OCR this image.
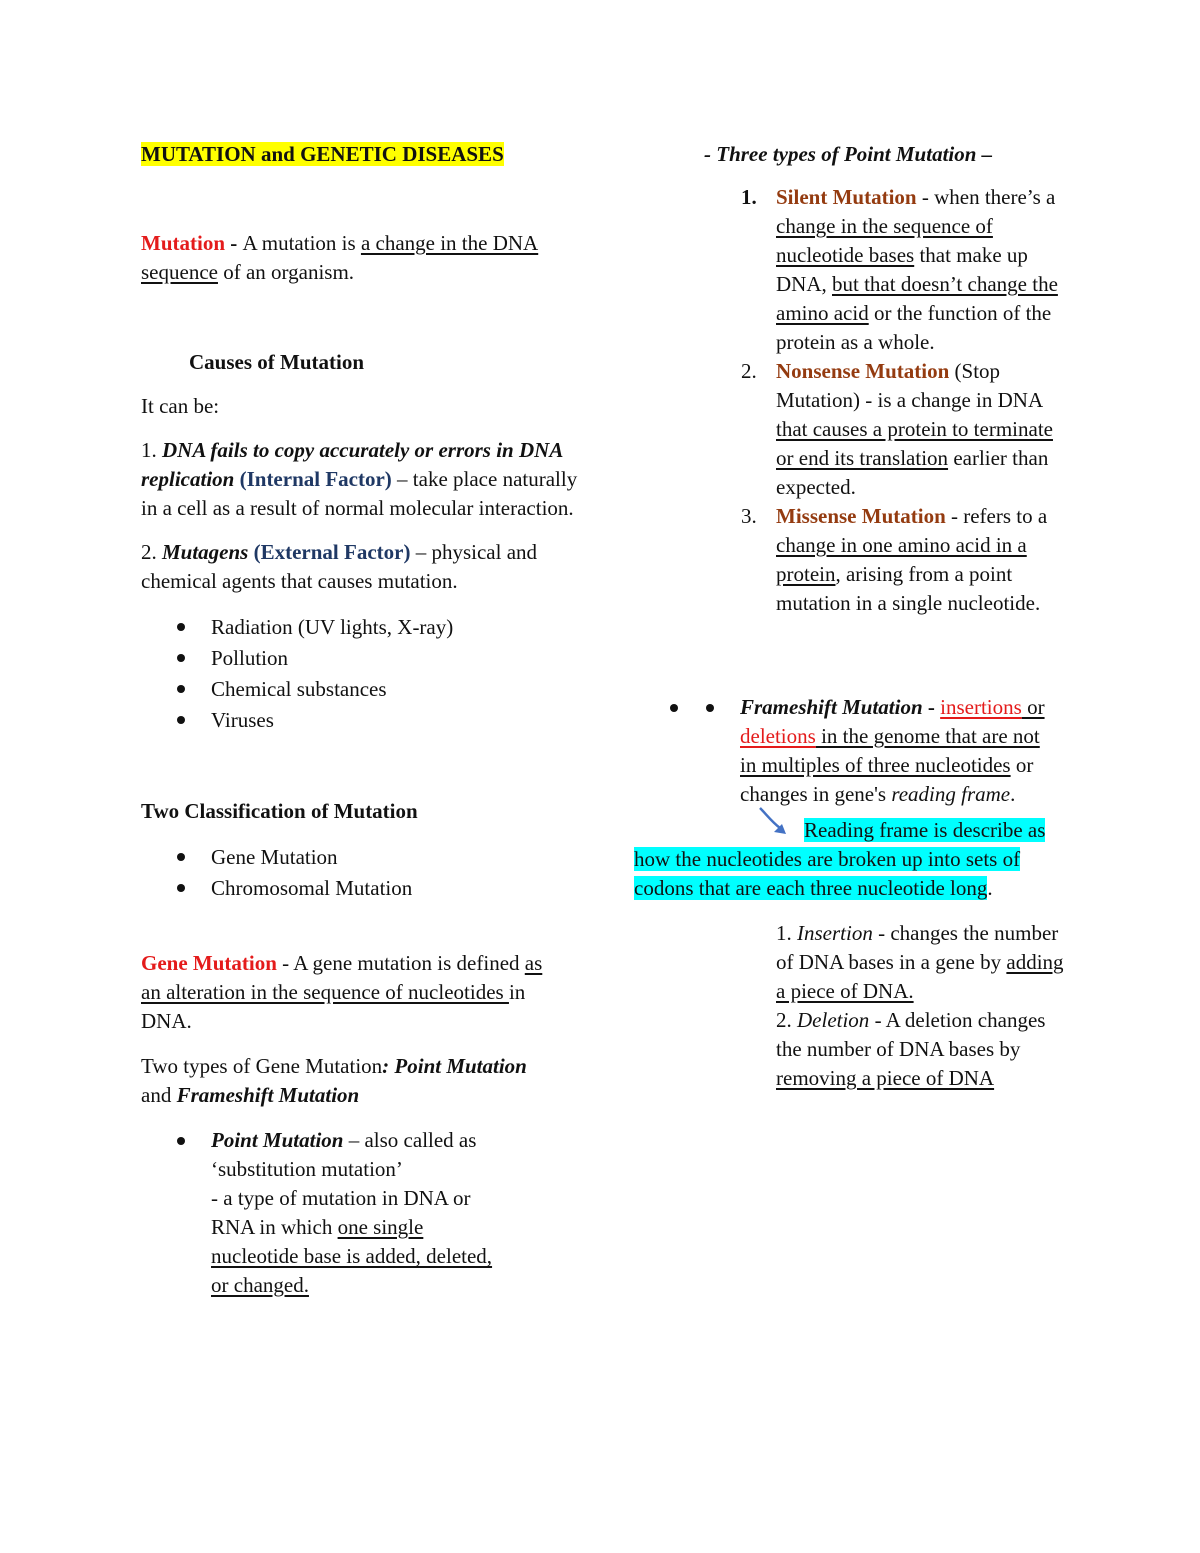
MUTATION and GENETIC DISEASES

Mutation - A mutation is a change in the DNA sequence of an organism.

Causes of Mutation

It can be:

1. DNA fails to copy accurately or errors in DNA replication (Internal Factor) – take place naturally in a cell as a result of normal molecular interaction.

2. Mutagens (External Factor) – physical and chemical agents that causes mutation.

Radiation (UV lights, X-ray)
Pollution
Chemical substances
Viruses

Two Classification of Mutation

Gene Mutation
Chromosomal Mutation

Gene Mutation - A gene mutation is defined as an alteration in the sequence of nucleotides in DNA.

Two types of Gene Mutation: Point Mutation and Frameshift Mutation

Point Mutation – also called as ‘substitution mutation’
- a type of mutation in DNA or RNA in which one single nucleotide base is added, deleted, or changed.

- Three types of Point Mutation –

1. Silent Mutation - when there’s a change in the sequence of nucleotide bases that make up DNA, but that doesn’t change the amino acid or the function of the protein as a whole.
2. Nonsense Mutation (Stop Mutation) - is a change in DNA that causes a protein to terminate or end its translation earlier than expected.
3. Missense Mutation - refers to a change in one amino acid in a protein, arising from a point mutation in a single nucleotide.
Frameshift Mutation - insertions or deletions in the genome that are not in multiples of three nucleotides or changes in gene's reading frame.

Reading frame is describe as how the nucleotides are broken up into sets of codons that are each three nucleotide long.

1. Insertion - changes the number of DNA bases in a gene by adding a piece of DNA.

2. Deletion - A deletion changes the number of DNA bases by removing a piece of DNA
